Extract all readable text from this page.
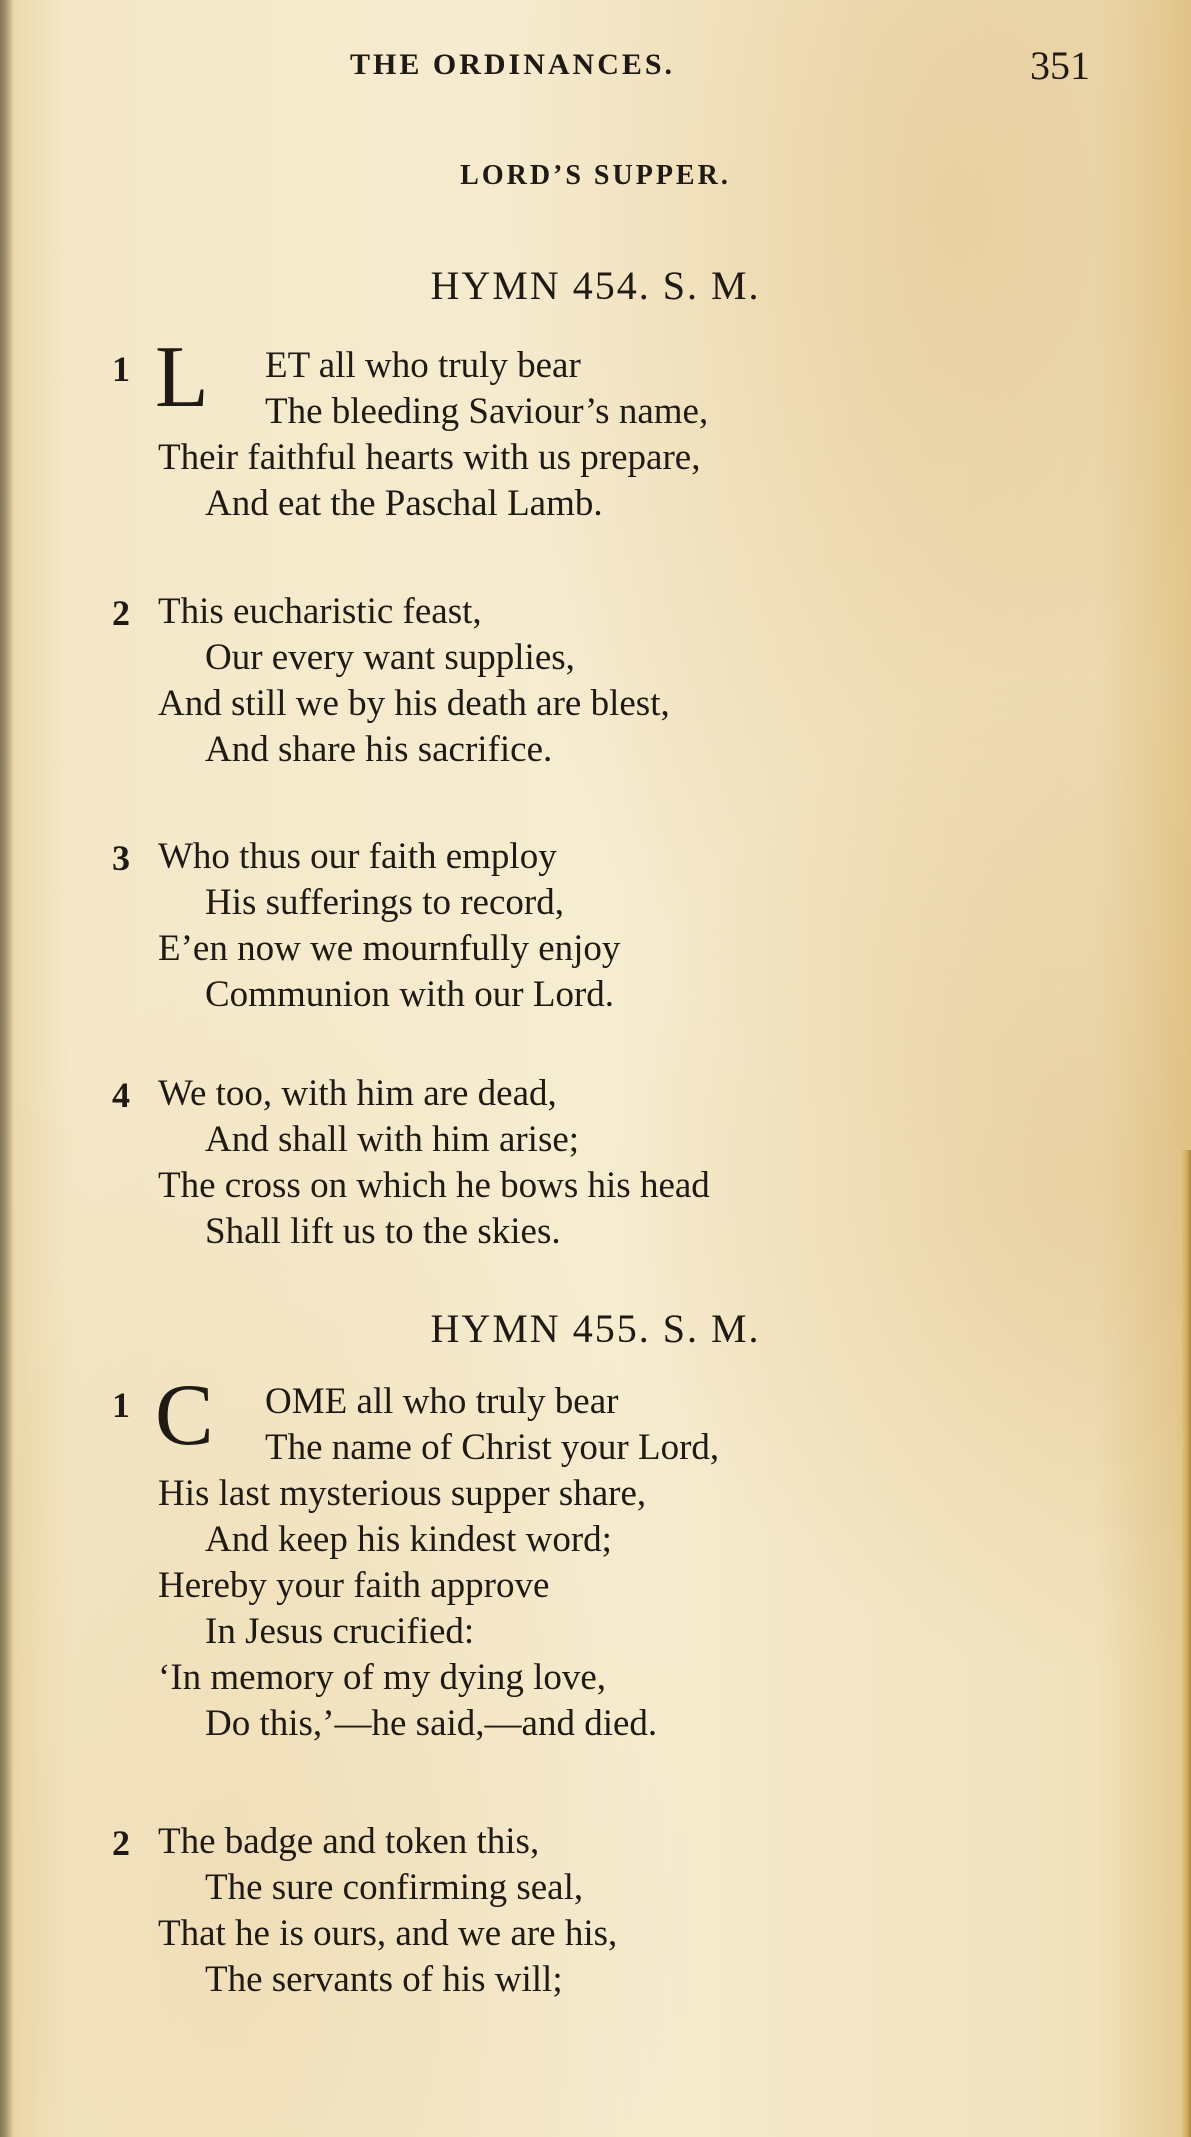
THE ORDINANCES.	351
LORD’S SUPPER.
HYMN 454. S. M.
1 L ET all who truly bear
The bleeding Saviour’s name,
Their faithful hearts with us prepare,
And eat the Paschal Lamb.
2 This eucharistic feast,
Our every want supplies,
And still we by his death are blest,
And share his sacrifice.
3 Who thus our faith employ
His sufferings to record,
E’en now we mournfully enjoy
Communion with our Lord.
4 We too, with him are dead,
And shall with him arise;
The cross on which he bows his head
Shall lift us to the skies.
HYMN 455. S. M.
1 C OME all who truly bear
The name of Christ your Lord,
His last mysterious supper share,
And keep his kindest word;
Hereby your faith approve
In Jesus crucified:
‘In memory of my dying love,
Do this,’—he said,—and died.
2 The badge and token this,
The sure confirming seal,
That he is ours, and we are his,
The servants of his will;
